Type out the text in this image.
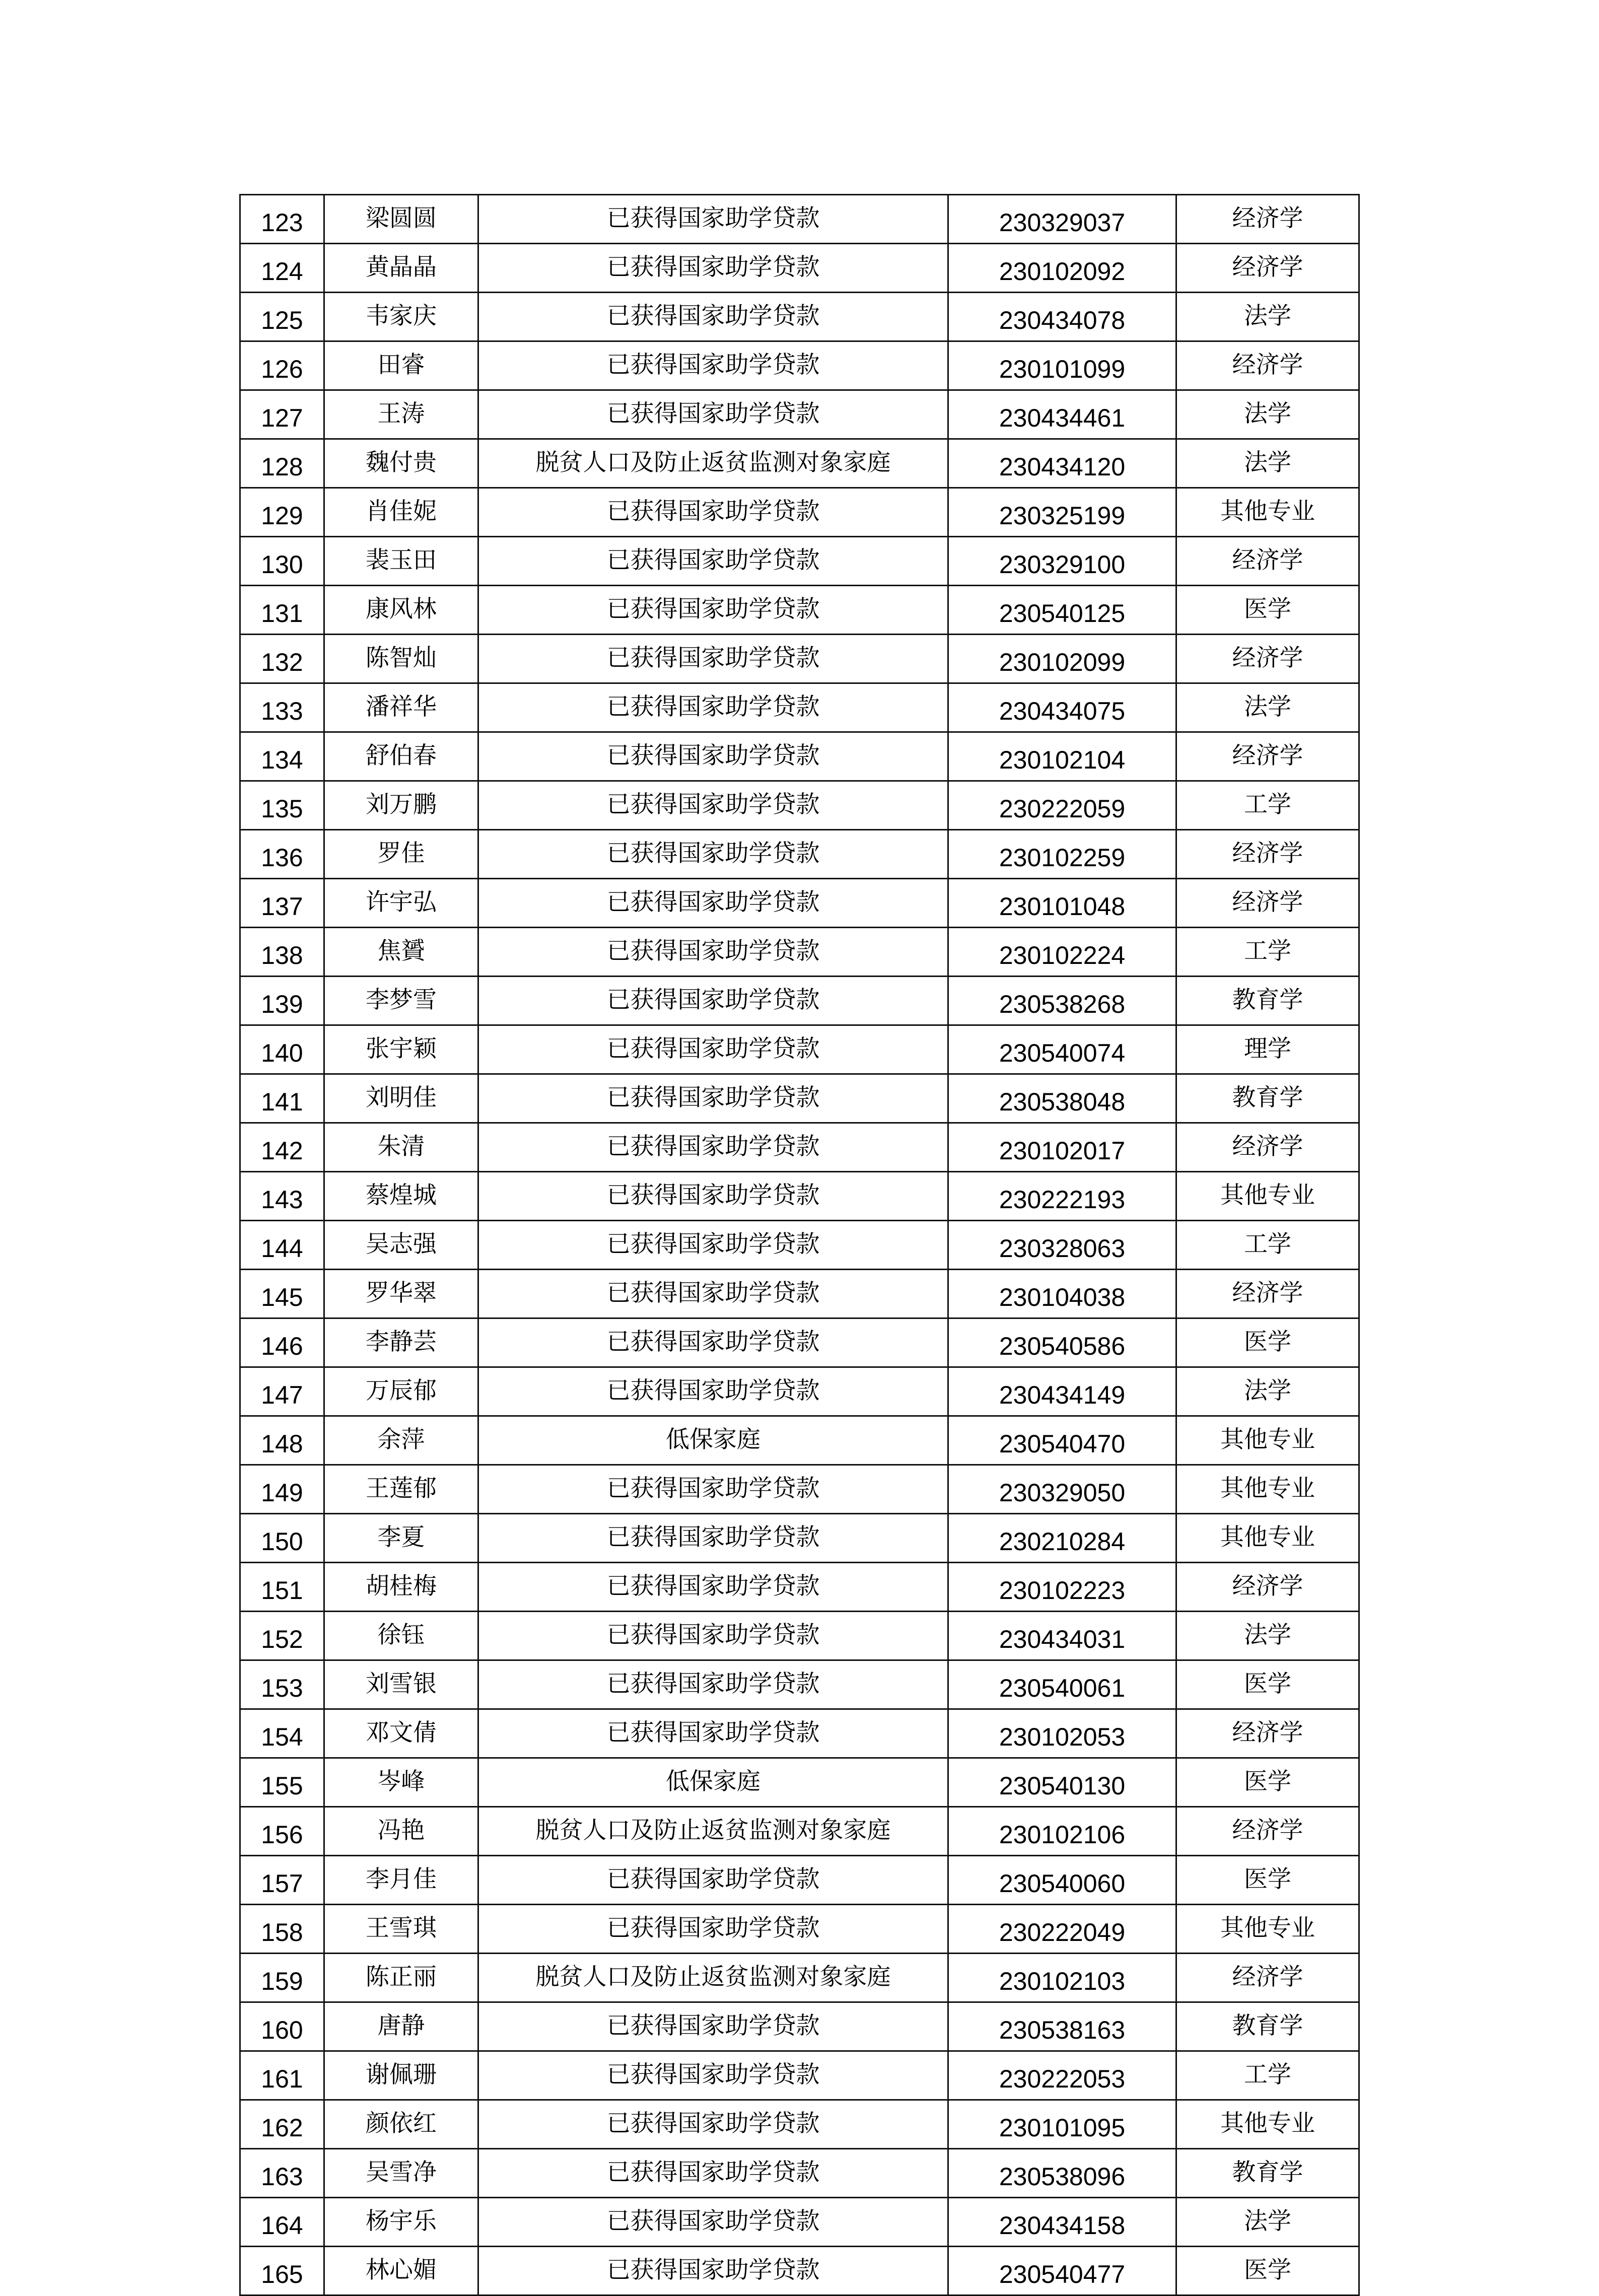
123	梁圆圆	已获得国家助学贷款	230329037	经济学
124	黄晶晶	已获得国家助学贷款	230102092	经济学
125	韦家庆	已获得国家助学贷款	230434078	法学
126	田睿	已获得国家助学贷款	230101099	经济学
127	王涛	已获得国家助学贷款	230434461	法学
128	魏付贵	脱贫人口及防止返贫监测对象家庭	230434120	法学
129	肖佳妮	已获得国家助学贷款	230325199	其他专业
130	裴玉田	已获得国家助学贷款	230329100	经济学
131	康风林	已获得国家助学贷款	230540125	医学
132	陈智灿	已获得国家助学贷款	230102099	经济学
133	潘祥华	已获得国家助学贷款	230434075	法学
134	舒伯春	已获得国家助学贷款	230102104	经济学
135	刘万鹏	已获得国家助学贷款	230222059	工学
136	罗佳	已获得国家助学贷款	230102259	经济学
137	许宇弘	已获得国家助学贷款	230101048	经济学
138	焦贇	已获得国家助学贷款	230102224	工学
139	李梦雪	已获得国家助学贷款	230538268	教育学
140	张宇颖	已获得国家助学贷款	230540074	理学
141	刘明佳	已获得国家助学贷款	230538048	教育学
142	朱清	已获得国家助学贷款	230102017	经济学
143	蔡煌城	已获得国家助学贷款	230222193	其他专业
144	吴志强	已获得国家助学贷款	230328063	工学
145	罗华翠	已获得国家助学贷款	230104038	经济学
146	李静芸	已获得国家助学贷款	230540586	医学
147	万辰郁	已获得国家助学贷款	230434149	法学
148	余萍	低保家庭	230540470	其他专业
149	王莲郁	已获得国家助学贷款	230329050	其他专业
150	李夏	已获得国家助学贷款	230210284	其他专业
151	胡桂梅	已获得国家助学贷款	230102223	经济学
152	徐钰	已获得国家助学贷款	230434031	法学
153	刘雪银	已获得国家助学贷款	230540061	医学
154	邓文倩	已获得国家助学贷款	230102053	经济学
155	岑峰	低保家庭	230540130	医学
156	冯艳	脱贫人口及防止返贫监测对象家庭	230102106	经济学
157	李月佳	已获得国家助学贷款	230540060	医学
158	王雪琪	已获得国家助学贷款	230222049	其他专业
159	陈正丽	脱贫人口及防止返贫监测对象家庭	230102103	经济学
160	唐静	已获得国家助学贷款	230538163	教育学
161	谢佩珊	已获得国家助学贷款	230222053	工学
162	颜依红	已获得国家助学贷款	230101095	其他专业
163	吴雪净	已获得国家助学贷款	230538096	教育学
164	杨宇乐	已获得国家助学贷款	230434158	法学
165	林心媚	已获得国家助学贷款	230540477	医学
